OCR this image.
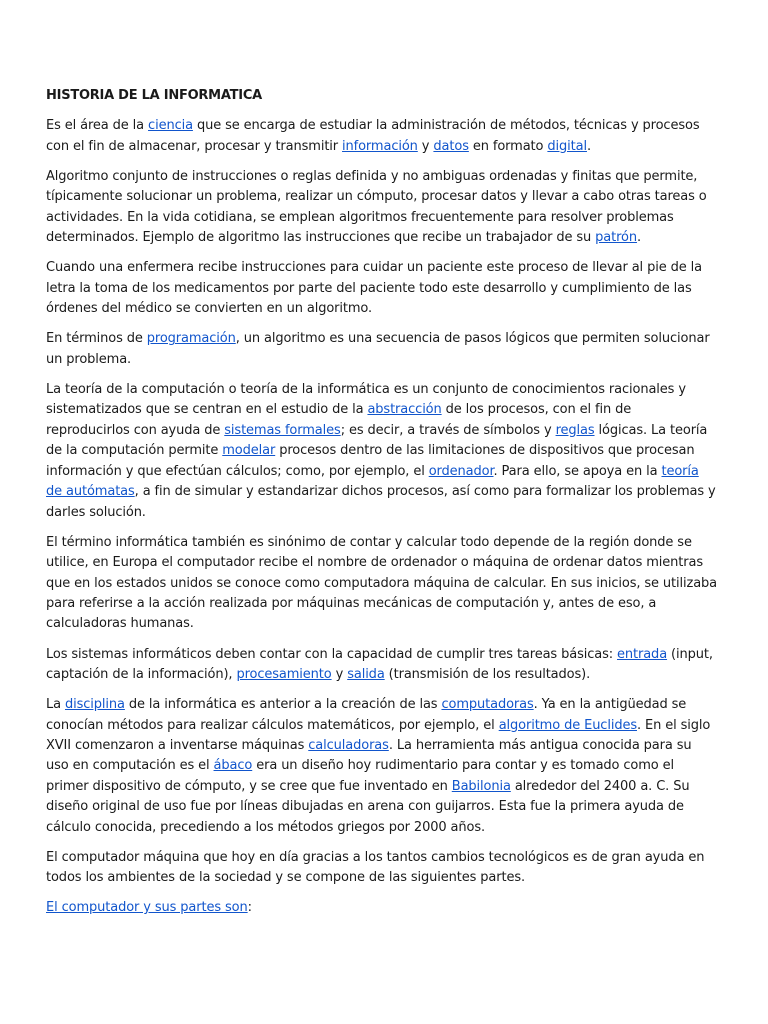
HISTORIA DE LA INFORMATICA

Es el área de la ciencia que se encarga de estudiar la administración de métodos, técnicas y procesos con el fin de almacenar, procesar y transmitir información y datos en formato digital.

Algoritmo conjunto de instrucciones o reglas definida y no ambiguas ordenadas y finitas que permite, típicamente solucionar un problema, realizar un cómputo, procesar datos y llevar a cabo otras tareas o actividades. En la vida cotidiana, se emplean algoritmos frecuentemente para resolver problemas determinados. Ejemplo de algoritmo las instrucciones que recibe un trabajador de su patrón.

Cuando una enfermera recibe instrucciones para cuidar un paciente este proceso de llevar al pie de la letra la toma de los medicamentos por parte del paciente todo este desarrollo y cumplimiento de las órdenes del médico se convierten en un algoritmo.

En términos de programación, un algoritmo es una secuencia de pasos lógicos que permiten solucionar un problema.

La teoría de la computación o teoría de la informática es un conjunto de conocimientos racionales y sistematizados que se centran en el estudio de la abstracción de los procesos, con el fin de reproducirlos con ayuda de sistemas formales; es decir, a través de símbolos y reglas lógicas. La teoría de la computación permite modelar procesos dentro de las limitaciones de dispositivos que procesan información y que efectúan cálculos; como, por ejemplo, el ordenador. Para ello, se apoya en la teoría de autómatas, a fin de simular y estandarizar dichos procesos, así como para formalizar los problemas y darles solución.

El término informática también es sinónimo de contar y calcular todo depende de la región donde se utilice, en Europa el computador recibe el nombre de ordenador o máquina de ordenar datos mientras que en los estados unidos se conoce como computadora máquina de calcular. En sus inicios, se utilizaba para referirse a la acción realizada por máquinas mecánicas de computación y, antes de eso, a calculadoras humanas.

Los sistemas informáticos deben contar con la capacidad de cumplir tres tareas básicas: entrada (input, captación de la información), procesamiento y salida (transmisión de los resultados).

La disciplina de la informática es anterior a la creación de las computadoras. Ya en la antigüedad se conocían métodos para realizar cálculos matemáticos, por ejemplo, el algoritmo de Euclides. En el siglo XVII comenzaron a inventarse máquinas calculadoras. La herramienta más antigua conocida para su uso en computación es el ábaco era un diseño hoy rudimentario para contar y es tomado como el primer dispositivo de cómputo, y se cree que fue inventado en Babilonia alrededor del 2400 a. C. Su diseño original de uso fue por líneas dibujadas en arena con guijarros. Esta fue la primera ayuda de cálculo conocida, precediendo a los métodos griegos por 2000 años.

El computador máquina que hoy en día gracias a los tantos cambios tecnológicos es de gran ayuda en todos los ambientes de la sociedad y se compone de las siguientes partes.

El computador y sus partes son:
